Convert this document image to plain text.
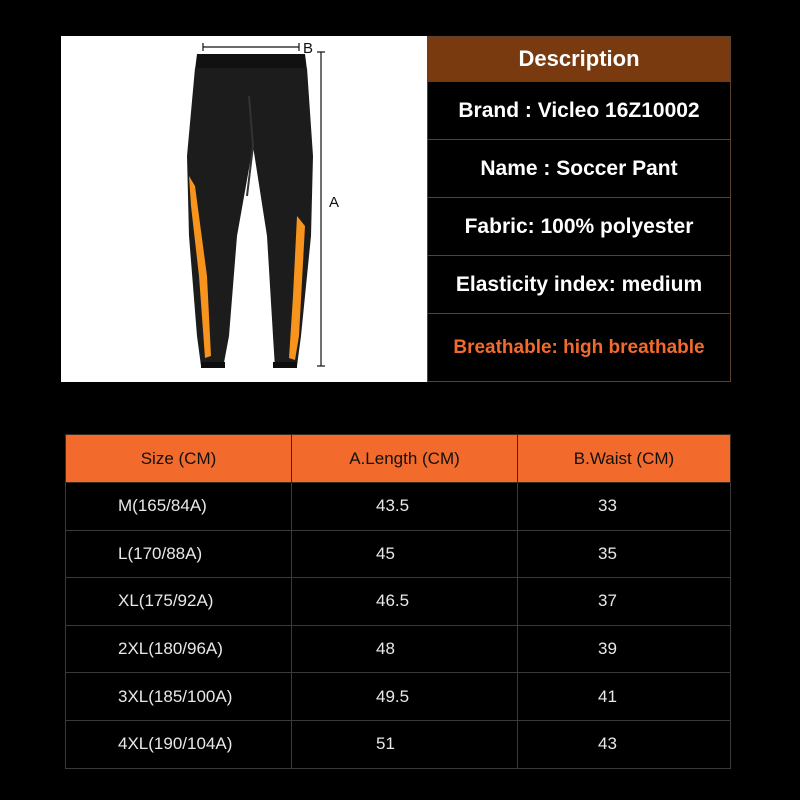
B
A
Description
Brand : Vicleo 16Z10002
Name : Soccer Pant
Fabric: 100% polyester
Elasticity index: medium
Breathable: high breathable
Size (CM)	A.Length (CM)	B.Waist (CM)
M(165/84A)	43.5	33
L(170/88A)	45	35
XL(175/92A)	46.5	37
2XL(180/96A)	48	39
3XL(185/100A)	49.5	41
4XL(190/104A)	51	43
